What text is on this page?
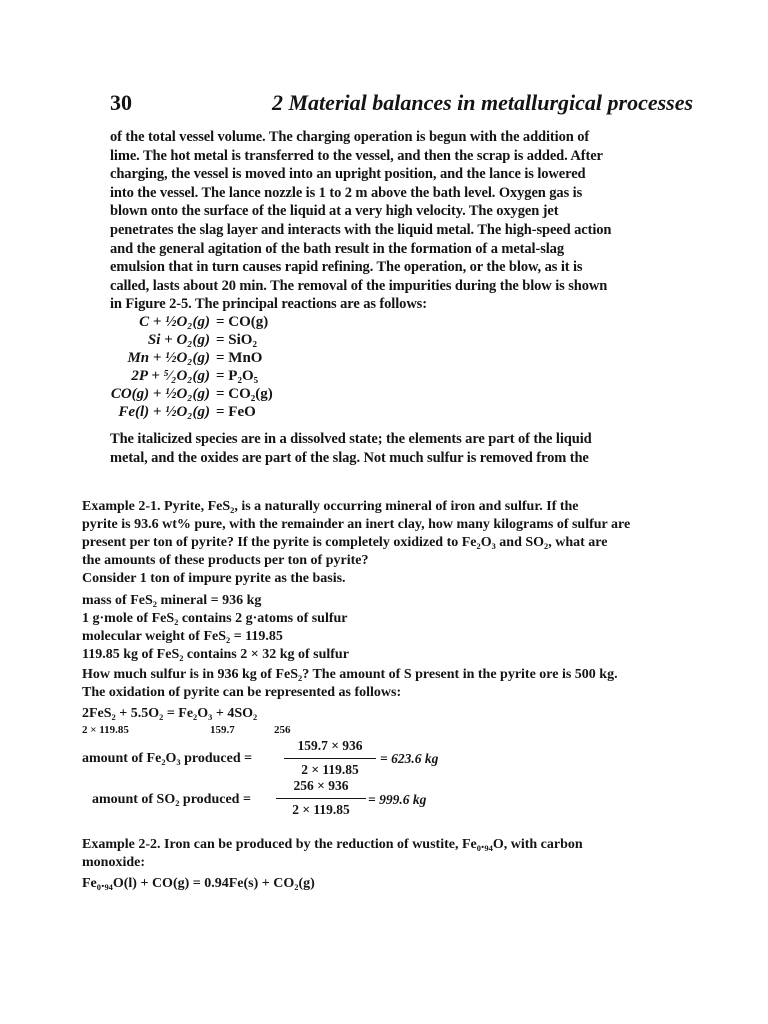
30	2 Material balances in metallurgical processes
of the total vessel volume. The charging operation is begun with the addition of
lime. The hot metal is transferred to the vessel, and then the scrap is added. After
charging, the vessel is moved into an upright position, and the lance is lowered
into the vessel. The lance nozzle is 1 to 2 m above the bath level. Oxygen gas is
blown onto the surface of the liquid at a very high velocity. The oxygen jet
penetrates the slag layer and interacts with the liquid metal. The high-speed action
and the general agitation of the bath result in the formation of a metal-slag
emulsion that in turn causes rapid refining. The operation, or the blow, as it is
called, lasts about 20 min. The removal of the impurities during the blow is shown
in Figure 2-5. The principal reactions are as follows:
C + ½O₂(g) = CO(g)
Si + O₂(g) = SiO₂
Mn + ½O₂(g) = MnO
2P + ⁵⁄₂O₂(g) = P₂O₅
CO(g) + ½O₂(g) = CO₂(g)
Fe(l) + ½O₂(g) = FeO
The italicized species are in a dissolved state; the elements are part of the liquid
metal, and the oxides are part of the slag. Not much sulfur is removed from the
Example 2-1. Pyrite, FeS₂, is a naturally occurring mineral of iron and sulfur. If the
pyrite is 93.6 wt% pure, with the remainder an inert clay, how many kilograms of sulfur are
present per ton of pyrite? If the pyrite is completely oxidized to Fe₂O₃ and SO₂, what are
the amounts of these products per ton of pyrite?
Consider 1 ton of impure pyrite as the basis.
mass of FeS₂ mineral = 936 kg
1 g·mole of FeS₂ contains 2 g·atoms of sulfur
molecular weight of FeS₂ = 119.85
119.85 kg of FeS₂ contains 2 × 32 kg of sulfur
How much sulfur is in 936 kg of FeS₂? The amount of S present in the pyrite ore is 500 kg.
The oxidation of pyrite can be represented as follows:
2FeS₂ + 5.5O₂ = Fe₂O₃ + 4SO₂
2 × 119.85	159.7	256
amount of Fe₂O₃ produced =
159.7 × 936
2 × 119.85
= 623.6 kg
amount of SO₂ produced =
256 × 936
2 × 119.85
= 999.6 kg
Example 2-2. Iron can be produced by the reduction of wustite, Fe₀.₉₄O, with carbon
monoxide:
Fe₀.₉₄O(l) + CO(g) = 0.94Fe(s) + CO₂(g)
